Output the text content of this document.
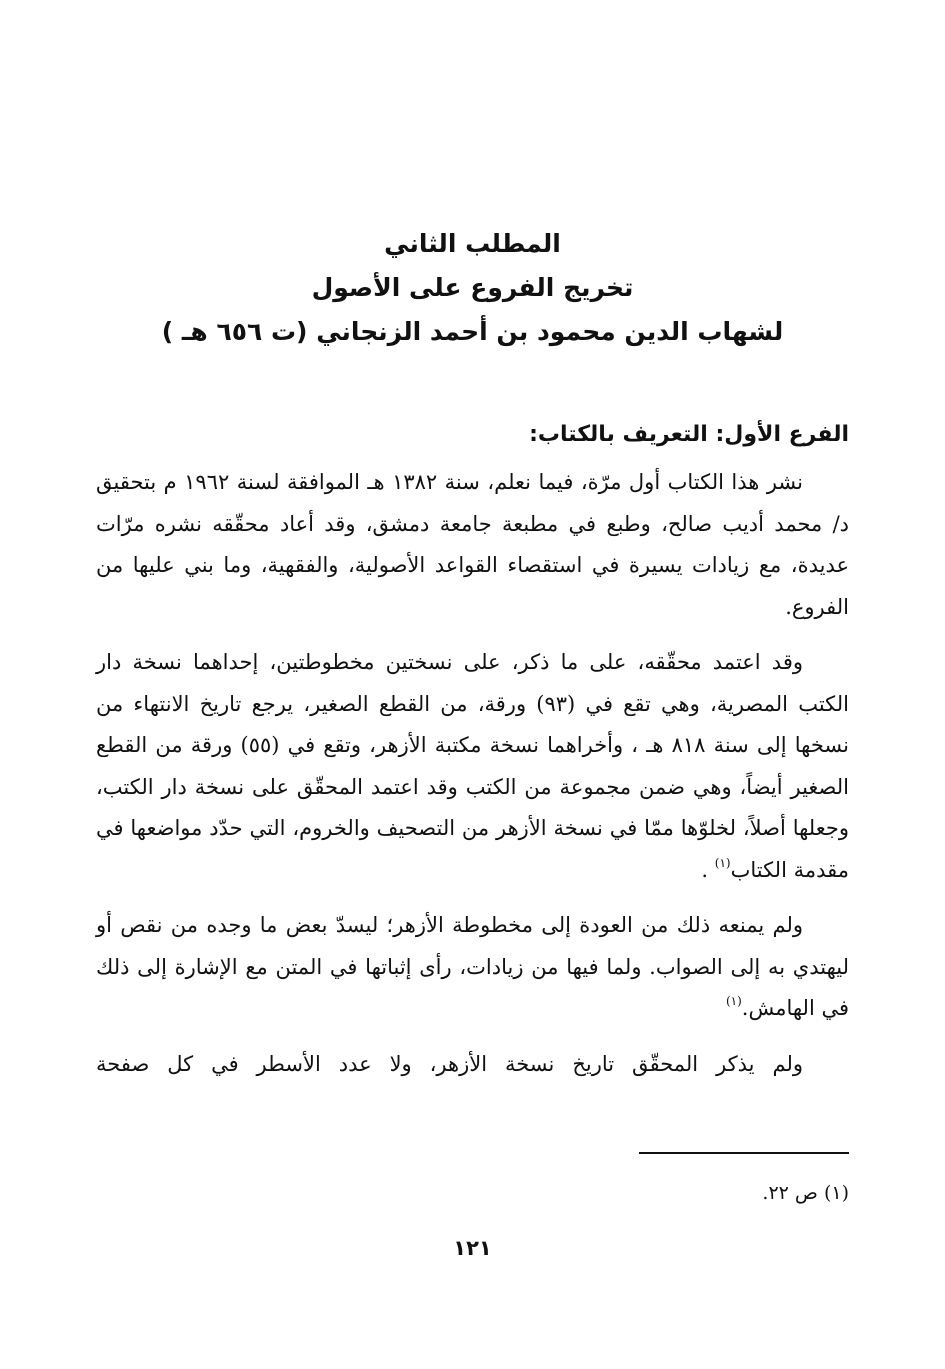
المطلب الثاني
تخريج الفروع على الأصول
لشهاب الدين محمود بن أحمد الزنجاني (ت ٦٥٦ هـ )
الفرع الأول: التعريف بالكتاب:

نشر هذا الكتاب أول مرّة، فيما نعلم، سنة ١٣٨٢ هـ الموافقة لسنة ١٩٦٢ م بتحقيق د/ محمد أديب صالح، وطبع في مطبعة جامعة دمشق، وقد أعاد محقّقه نشره مرّات عديدة، مع زيادات يسيرة في استقصاء القواعد الأصولية، والفقهية، وما بني عليها من الفروع.

وقد اعتمد محقّقه، على ما ذكر، على نسختين مخطوطتين، إحداهما نسخة دار الكتب المصرية، وهي تقع في (٩٣) ورقة، من القطع الصغير، يرجع تاريخ الانتهاء من نسخها إلى سنة ٨١٨ هـ ، وأخراهما نسخة مكتبة الأزهر، وتقع في (٥٥) ورقة من القطع الصغير أيضاً، وهي ضمن مجموعة من الكتب وقد اعتمد المحقّق على نسخة دار الكتب، وجعلها أصلاً، لخلوّها ممّا في نسخة الأزهر من التصحيف والخروم، التي حدّد مواضعها في مقدمة الكتاب$^{(١)}$ .

ولم يمنعه ذلك من العودة إلى مخطوطة الأزهر؛ ليسدّ بعض ما وجده من نقص أو ليهتدي به إلى الصواب. ولما فيها من زيادات، رأى إثباتها في المتن مع الإشارة إلى ذلك في الهامش.$^{(١)}$

ولم يذكر المحقّق تاريخ نسخة الأزهر، ولا عدد الأسطر في كل صفحة

(١) ص ٢٢.
١٢١
